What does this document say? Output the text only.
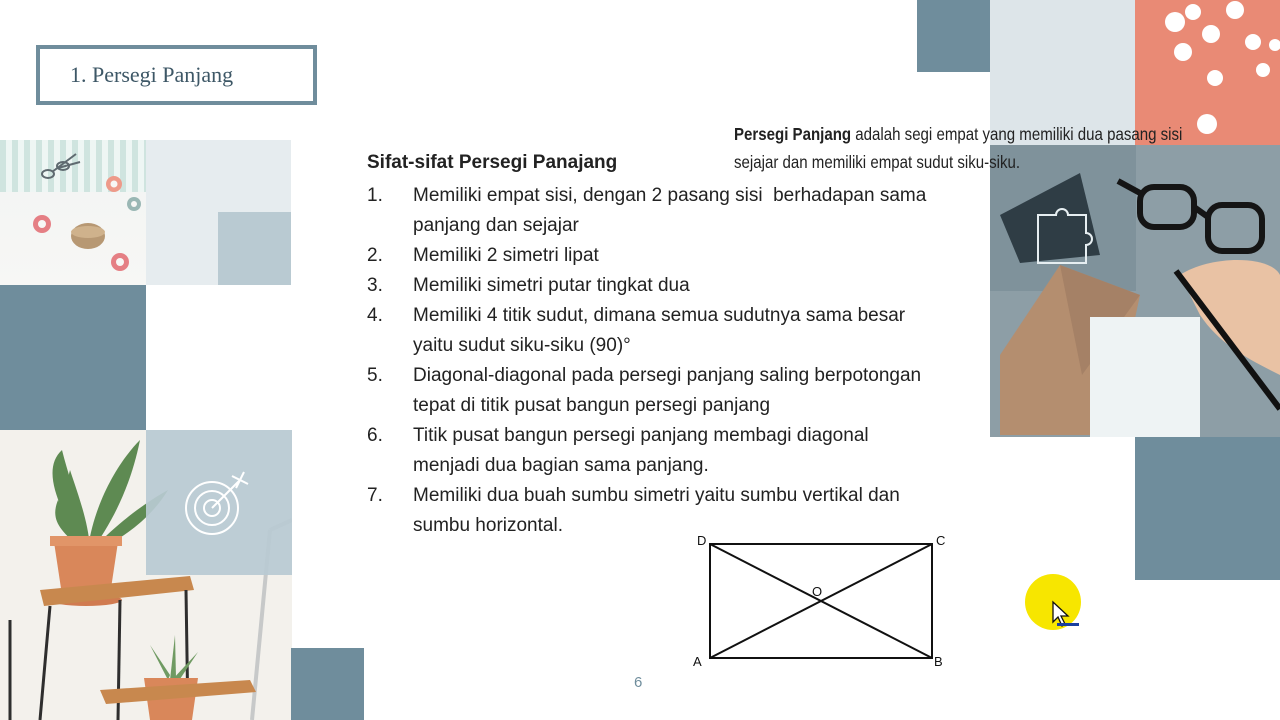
1. Persegi Panjang

Persegi Panjang adalah segi empat yang memiliki dua pasang sisi sejajar dan memiliki empat sudut siku-siku.

Sifat-sifat Persegi Panajang
1.	Memiliki empat sisi, dengan 2 pasang sisi  berhadapan sama panjang dan sejajar
2.	Memiliki 2 simetri lipat
3.	Memiliki simetri putar tingkat dua
4.	Memiliki 4 titik sudut, dimana semua sudutnya sama besar yaitu sudut siku-siku (90)°
5.	Diagonal-diagonal pada persegi panjang saling berpotongan tepat di titik pusat bangun persegi panjang
6.	Titik pusat bangun persegi panjang membagi diagonal menjadi dua bagian sama panjang.
7.	Memiliki dua buah sumbu simetri yaitu sumbu vertikal dan sumbu horizontal.
D	C
A	B
O
6
